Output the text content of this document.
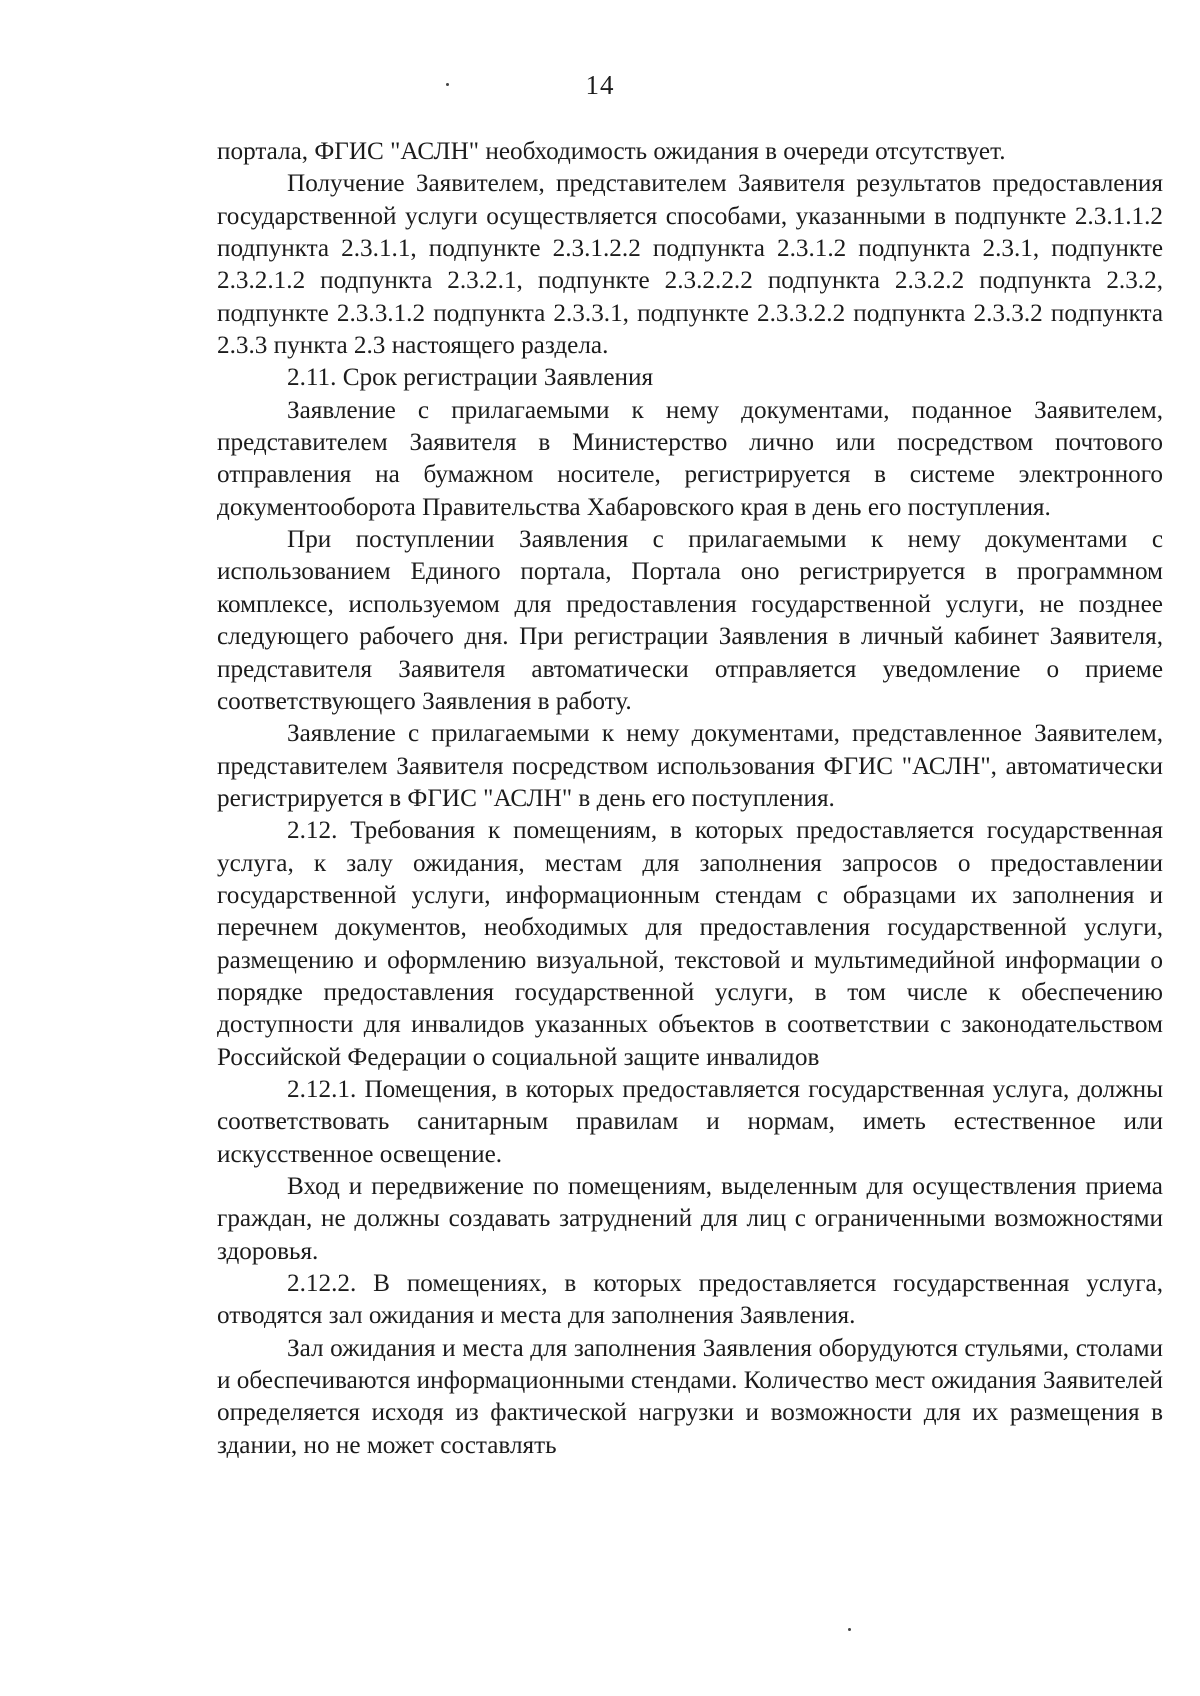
14

портала, ФГИС "АСЛН" необходимость ожидания в очереди отсутствует.

Получение Заявителем, представителем Заявителя результатов предоставления государственной услуги осуществляется способами, указанными в подпункте 2.3.1.1.2 подпункта 2.3.1.1, подпункте 2.3.1.2.2 подпункта 2.3.1.2 подпункта 2.3.1, подпункте 2.3.2.1.2 подпункта 2.3.2.1, подпункте 2.3.2.2.2 подпункта 2.3.2.2 подпункта 2.3.2, подпункте 2.3.3.1.2 подпункта 2.3.3.1, подпункте 2.3.3.2.2 подпункта 2.3.3.2 подпункта 2.3.3 пункта 2.3 настоящего раздела.

2.11. Срок регистрации Заявления

Заявление с прилагаемыми к нему документами, поданное Заявителем, представителем Заявителя в Министерство лично или посредством почтового отправления на бумажном носителе, регистрируется в системе электронного документооборота Правительства Хабаровского края в день его поступления.

При поступлении Заявления с прилагаемыми к нему документами с использованием Единого портала, Портала оно регистрируется в программном комплексе, используемом для предоставления государственной услуги, не позднее следующего рабочего дня. При регистрации Заявления в личный кабинет Заявителя, представителя Заявителя автоматически отправляется уведомление о приеме соответствующего Заявления в работу.

Заявление с прилагаемыми к нему документами, представленное Заявителем, представителем Заявителя посредством использования ФГИС "АСЛН", автоматически регистрируется в ФГИС "АСЛН" в день его поступления.

2.12. Требования к помещениям, в которых предоставляется государственная услуга, к залу ожидания, местам для заполнения запросов о предоставлении государственной услуги, информационным стендам с образцами их заполнения и перечнем документов, необходимых для предоставления государственной услуги, размещению и оформлению визуальной, текстовой и мультимедийной информации о порядке предоставления государственной услуги, в том числе к обеспечению доступности для инвалидов указанных объектов в соответствии с законодательством Российской Федерации о социальной защите инвалидов

2.12.1. Помещения, в которых предоставляется государственная услуга, должны соответствовать санитарным правилам и нормам, иметь естественное или искусственное освещение.

Вход и передвижение по помещениям, выделенным для осуществления приема граждан, не должны создавать затруднений для лиц с ограниченными возможностями здоровья.

2.12.2. В помещениях, в которых предоставляется государственная услуга, отводятся зал ожидания и места для заполнения Заявления.

Зал ожидания и места для заполнения Заявления оборудуются стульями, столами и обеспечиваются информационными стендами. Количество мест ожидания Заявителей определяется исходя из фактической нагрузки и возможности для их размещения в здании, но не может составлять
